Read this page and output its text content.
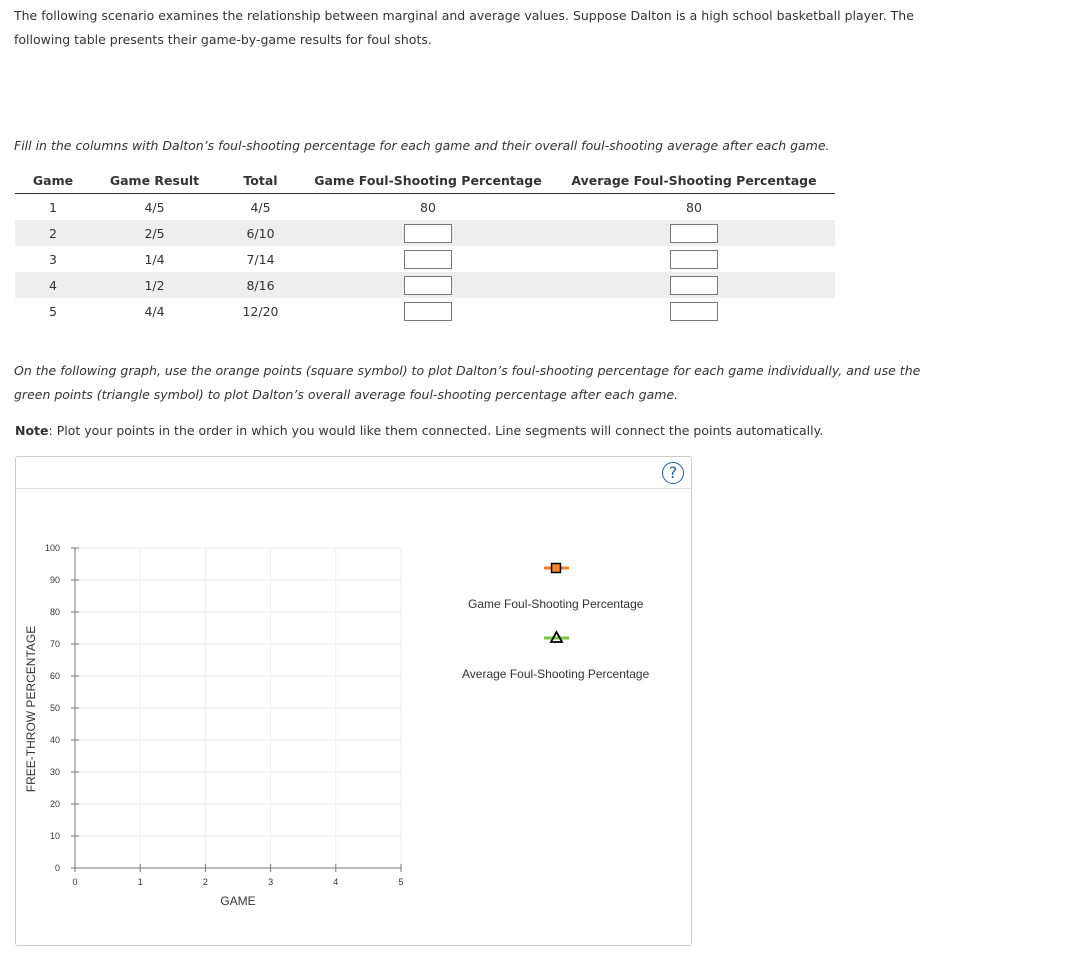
The following scenario examines the relationship between marginal and average values. Suppose Dalton is a high school basketball player. The following table presents their game-by-game results for foul shots.

Fill in the columns with Dalton’s foul-shooting percentage for each game and their overall foul-shooting average after each game.

Game	Game Result	Total	Game Foul-Shooting Percentage	Average Foul-Shooting Percentage
1	4/5	4/5	80	80
2	2/5	6/10		
3	1/4	7/14		
4	1/2	8/16		
5	4/4	12/20		

On the following graph, use the orange points (square symbol) to plot Dalton’s foul-shooting percentage for each game individually, and use the green points (triangle symbol) to plot Dalton’s overall average foul-shooting percentage after each game.

Note: Plot your points in the order in which you would like them connected. Line segments will connect the points automatically.

?
0
10
20
30
40
50
60
70
80
90
100
0	1	2	3	4	5
GAME
FREE-THROW PERCENTAGE
Game Foul-Shooting Percentage
Average Foul-Shooting Percentage
